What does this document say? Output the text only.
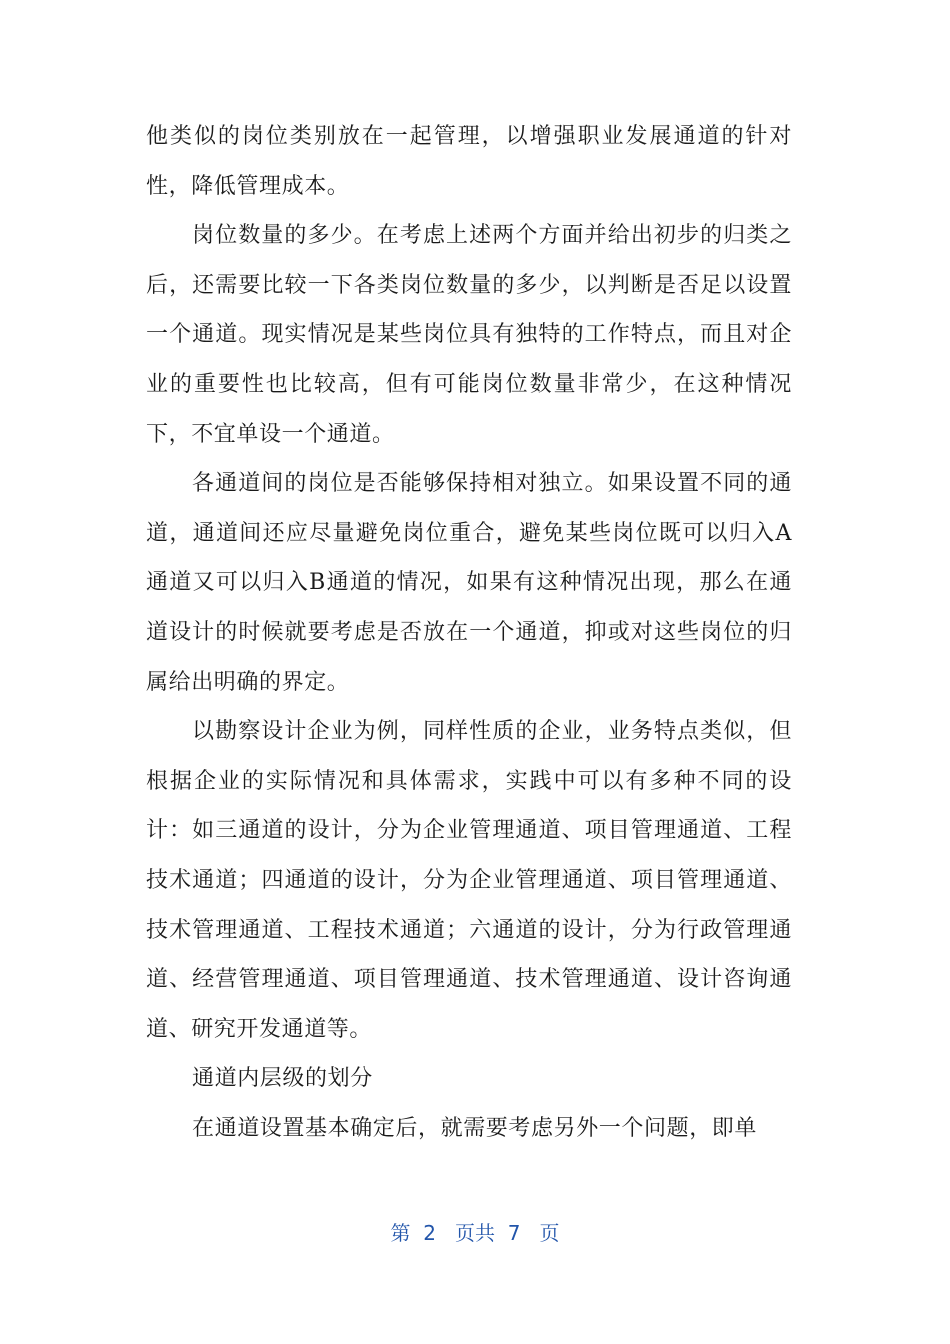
他类似的岗位类别放在一起管理，以增强职业发展通道的针对性，降低管理成本。

岗位数量的多少。在考虑上述两个方面并给出初步的归类之后，还需要比较一下各类岗位数量的多少，以判断是否足以设置一个通道。现实情况是某些岗位具有独特的工作特点，而且对企业的重要性也比较高，但有可能岗位数量非常少，在这种情况下，不宜单设一个通道。

各通道间的岗位是否能够保持相对独立。如果设置不同的通道，通道间还应尽量避免岗位重合，避免某些岗位既可以归入A通道又可以归入B通道的情况，如果有这种情况出现，那么在通道设计的时候就要考虑是否放在一个通道，抑或对这些岗位的归属给出明确的界定。

以勘察设计企业为例，同样性质的企业，业务特点类似，但根据企业的实际情况和具体需求，实践中可以有多种不同的设计：如三通道的设计，分为企业管理通道、项目管理通道、工程技术通道；四通道的设计，分为企业管理通道、项目管理通道、技术管理通道、工程技术通道；六通道的设计，分为行政管理通道、经营管理通道、项目管理通道、技术管理通道、设计咨询通道、研究开发通道等。

通道内层级的划分

在通道设置基本确定后，就需要考虑另外一个问题，即单

第  2   页共  7   页
